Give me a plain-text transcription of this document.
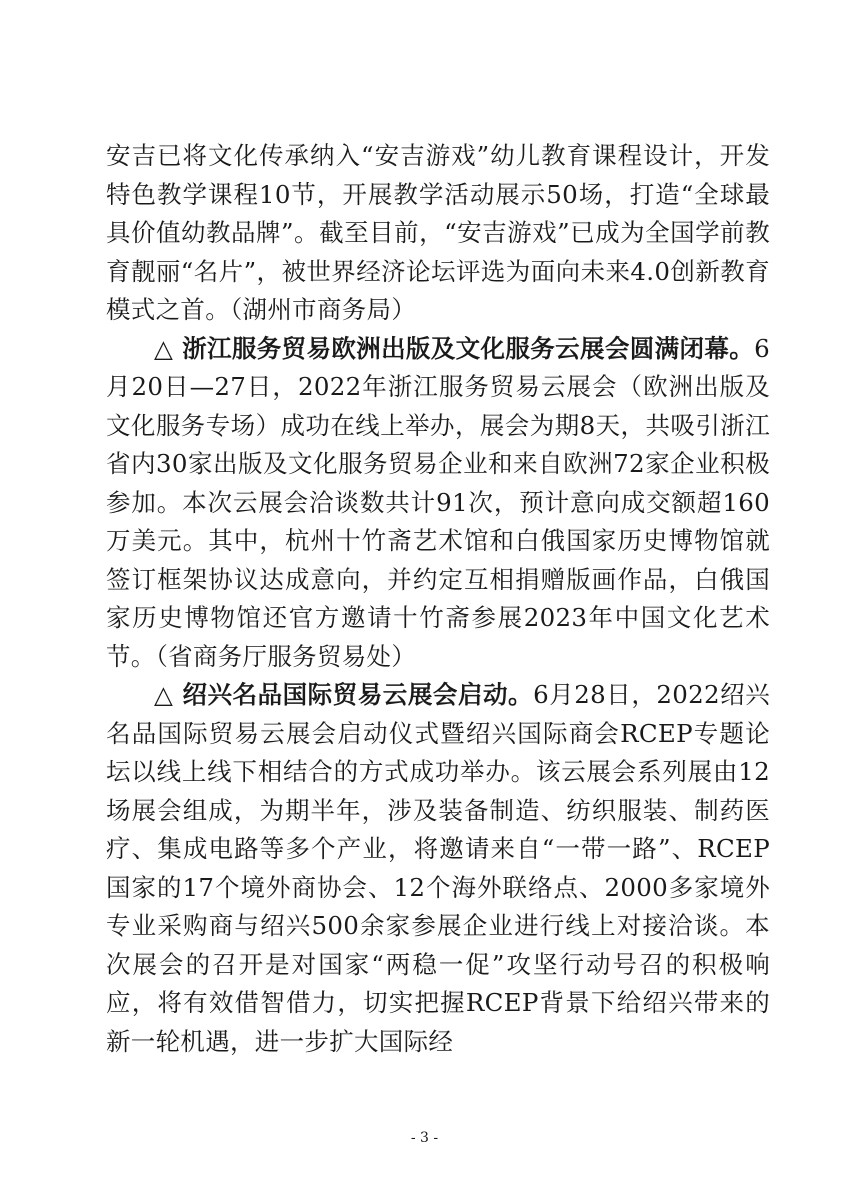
安吉已将文化传承纳入“安吉游戏”幼儿教育课程设计，开发特色教学课程10节，开展教学活动展示50场，打造“全球最具价值幼教品牌”。截至目前，“安吉游戏”已成为全国学前教育靓丽“名片”，被世界经济论坛评选为面向未来4.0创新教育模式之首。（湖州市商务局）

△ 浙江服务贸易欧洲出版及文化服务云展会圆满闭幕。6月20日—27日，2022年浙江服务贸易云展会（欧洲出版及文化服务专场）成功在线上举办，展会为期8天，共吸引浙江省内30家出版及文化服务贸易企业和来自欧洲72家企业积极参加。本次云展会洽谈数共计91次，预计意向成交额超160万美元。其中，杭州十竹斋艺术馆和白俄国家历史博物馆就签订框架协议达成意向，并约定互相捐赠版画作品，白俄国家历史博物馆还官方邀请十竹斋参展2023年中国文化艺术节。（省商务厅服务贸易处）

△ 绍兴名品国际贸易云展会启动。6月28日，2022绍兴名品国际贸易云展会启动仪式暨绍兴国际商会RCEP专题论坛以线上线下相结合的方式成功举办。该云展会系列展由12场展会组成，为期半年，涉及装备制造、纺织服装、制药医疗、集成电路等多个产业，将邀请来自“一带一路”、RCEP国家的17个境外商协会、12个海外联络点、2000多家境外专业采购商与绍兴500余家参展企业进行线上对接洽谈。本次展会的召开是对国家“两稳一促”攻坚行动号召的积极响应，将有效借智借力，切实把握RCEP背景下给绍兴带来的新一轮机遇，进一步扩大国际经

- 3 -
